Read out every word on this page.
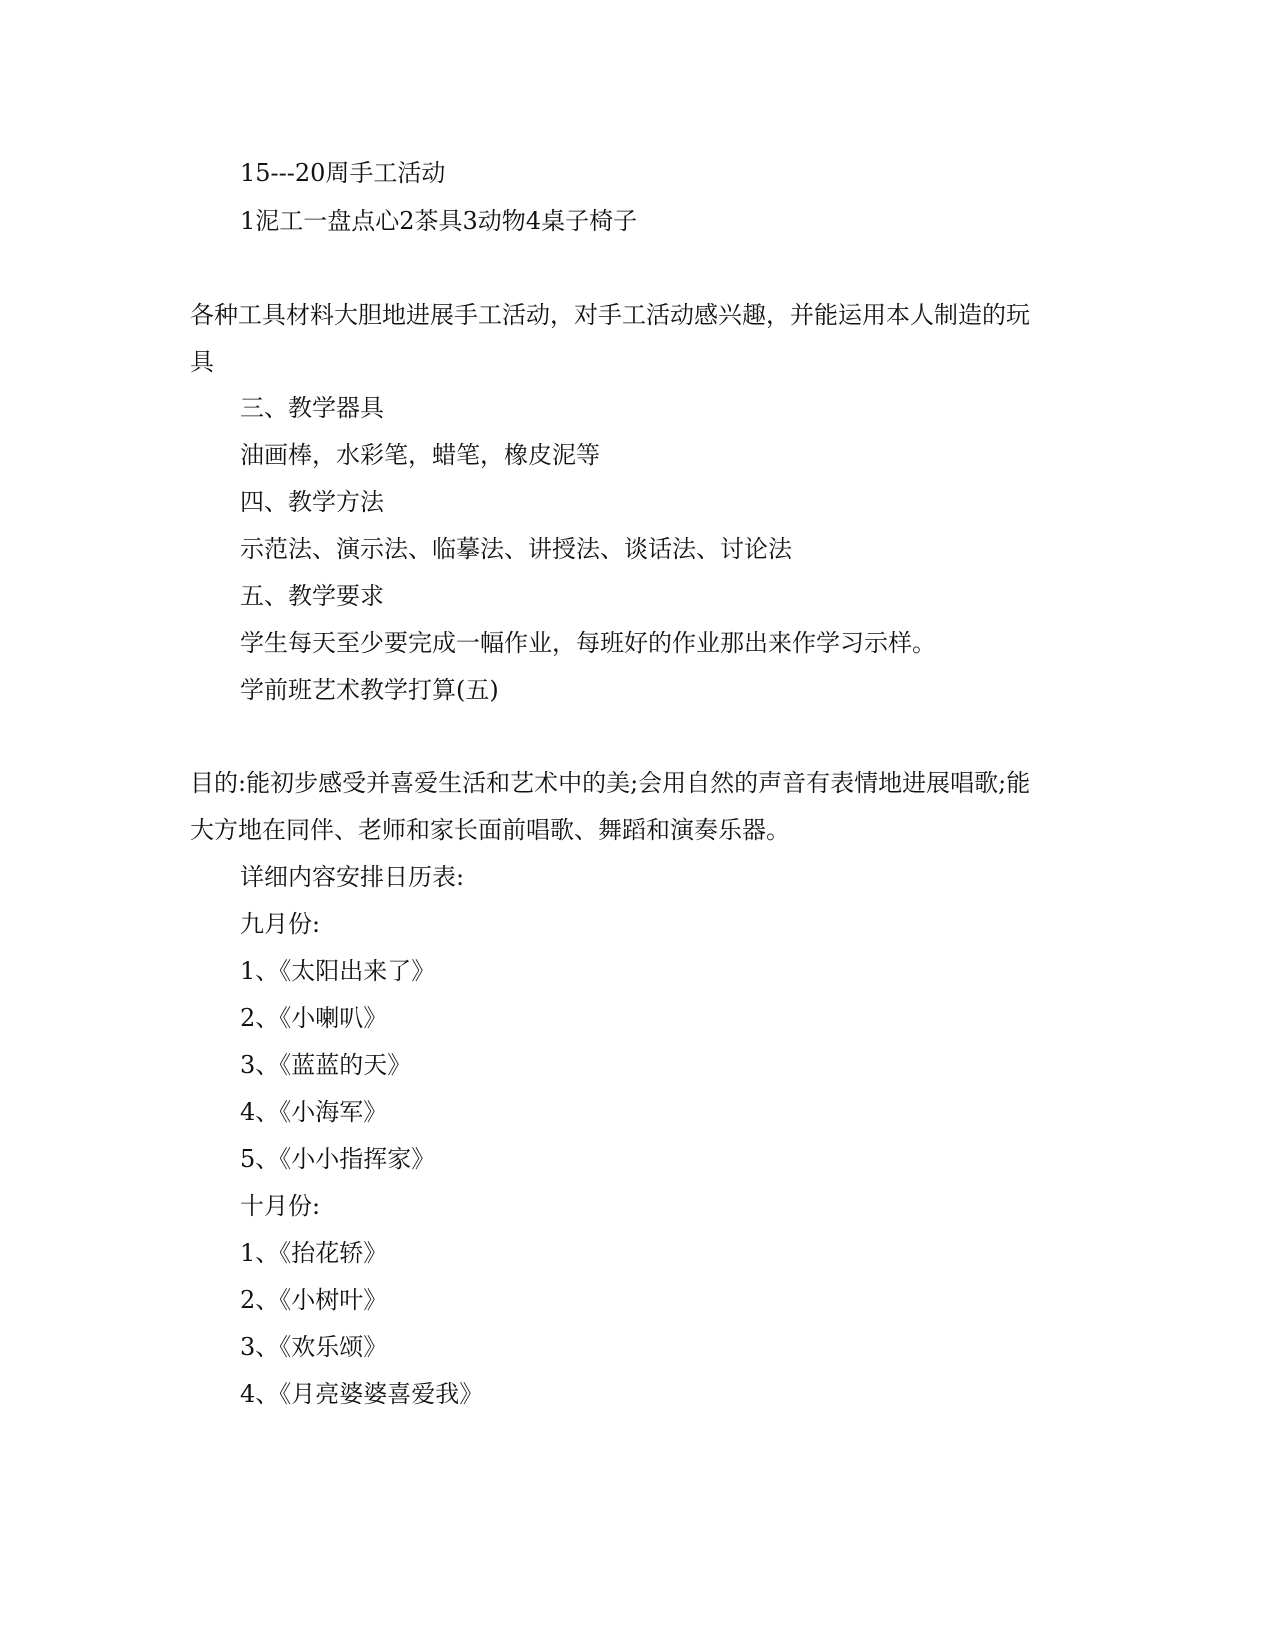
15---20周手工活动
1泥工一盘点心2茶具3动物4桌子椅子
各种工具材料大胆地进展手工活动，对手工活动感兴趣，并能运用本人制造的玩
具
三、教学器具
油画棒，水彩笔，蜡笔，橡皮泥等
四、教学方法
示范法、演示法、临摹法、讲授法、谈话法、讨论法
五、教学要求
学生每天至少要完成一幅作业，每班好的作业那出来作学习示样。
学前班艺术教学打算(五)
目的:能初步感受并喜爱生活和艺术中的美;会用自然的声音有表情地进展唱歌;能
大方地在同伴、老师和家长面前唱歌、舞蹈和演奏乐器。
详细内容安排日历表:
九月份:
1、《太阳出来了》
2、《小喇叭》
3、《蓝蓝的天》
4、《小海军》
5、《小小指挥家》
十月份:
1、《抬花轿》
2、《小树叶》
3、《欢乐颂》
4、《月亮婆婆喜爱我》
